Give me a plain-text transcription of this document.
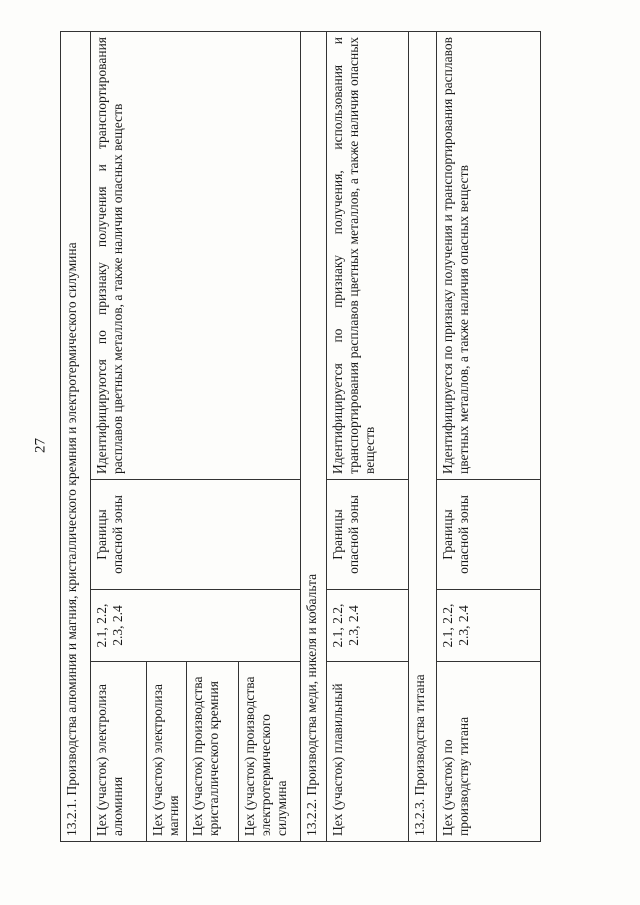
27 13.2.1. Производства алюминия и магния, кристаллического кремния и электротермического силумина			
Цех (участок) электролиза алюминия	2.1, 2.2, 2.3, 2.4	Границы опасной зоны	Идентифицируются по признаку получения и транспортирования расплавов цветных металлов, а также наличия опасных веществ
Цех (участок) электролиза магния			
Цех (участок) производства кристаллического кремния			
Цех (участок) производства электротермического силумина			
13.2.2. Производства меди, никеля и кобальта			
Цех (участок) плавильный	2.1, 2.2, 2.3, 2.4	Границы опасной зоны	Идентифицируется по признаку получения, использования и транспортирования расплавов цветных металлов, а также наличия опасных веществ
13.2.3. Производства титана			
Цех (участок) по производству титана	2.1, 2.2, 2.3, 2.4	Границы опасной зоны	Идентифицируется по признаку получения и транспортирования расплавов цветных металлов, а также наличия опасных веществ
